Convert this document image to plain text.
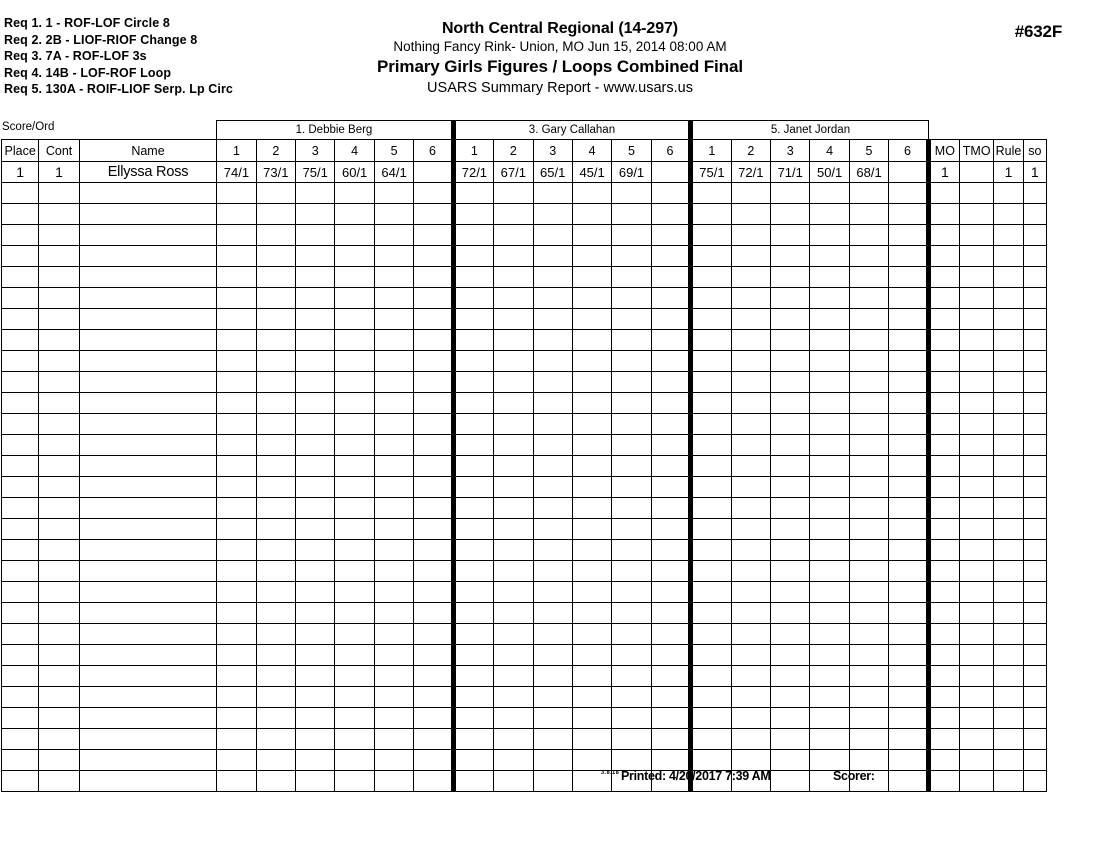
Req 1. 1 - ROF-LOF Circle 8
Req 2. 2B - LIOF-RIOF Change 8
Req 3. 7A - ROF-LOF 3s
Req 4. 14B - LOF-ROF Loop
Req 5. 130A - ROIF-LIOF Serp. Lp Circ
North Central Regional (14-297)
Nothing Fancy Rink- Union, MO Jun 15, 2014 08:00 AM
Primary Girls Figures / Loops Combined Final
USARS Summary Report - www.usars.us
#632F
Score/Ord
			1. Debbie Berg						3. Gary Callahan						5. Janet Jordan									
Place	Cont	Name	1	2	3	4	5	6	1	2	3	4	5	6	1	2	3	4	5	6	MO	TMO	Rule	so
1	1	Ellyssa Ross	74/1	73/1	75/1	60/1	64/1		72/1	67/1	65/1	45/1	69/1		75/1	72/1	71/1	50/1	68/1		1		1	1

3.8.18 Printed: 4/20/2017 7:39 AM	Scorer:
